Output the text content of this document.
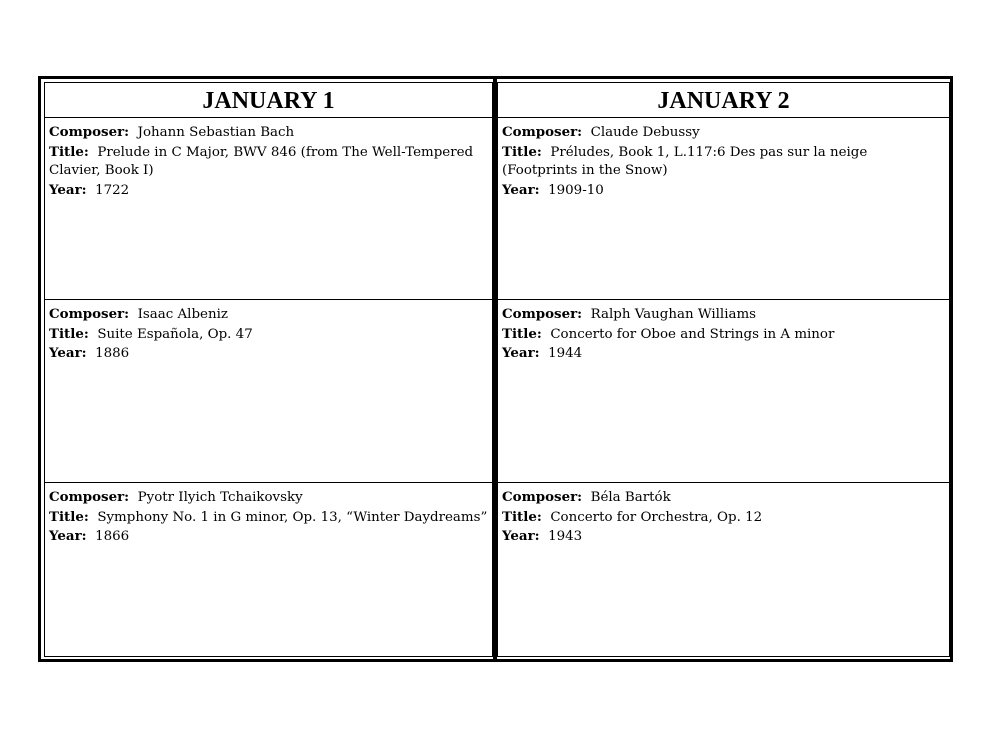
JANUARY 1
Composer: Johann Sebastian Bach
Title: Prelude in C Major, BWV 846 (from The Well-Tempered Clavier, Book I)
Year: 1722
Composer: Isaac Albeniz
Title: Suite Española, Op. 47
Year: 1886
Composer: Pyotr Ilyich Tchaikovsky
Title: Symphony No. 1 in G minor, Op. 13, “Winter Daydreams”
Year: 1866
JANUARY 2
Composer: Claude Debussy
Title: Préludes, Book 1, L.117:6 Des pas sur la neige (Footprints in the Snow)
Year: 1909-10
Composer: Ralph Vaughan Williams
Title: Concerto for Oboe and Strings in A minor
Year: 1944
Composer: Béla Bartók
Title: Concerto for Orchestra, Op. 12
Year: 1943
